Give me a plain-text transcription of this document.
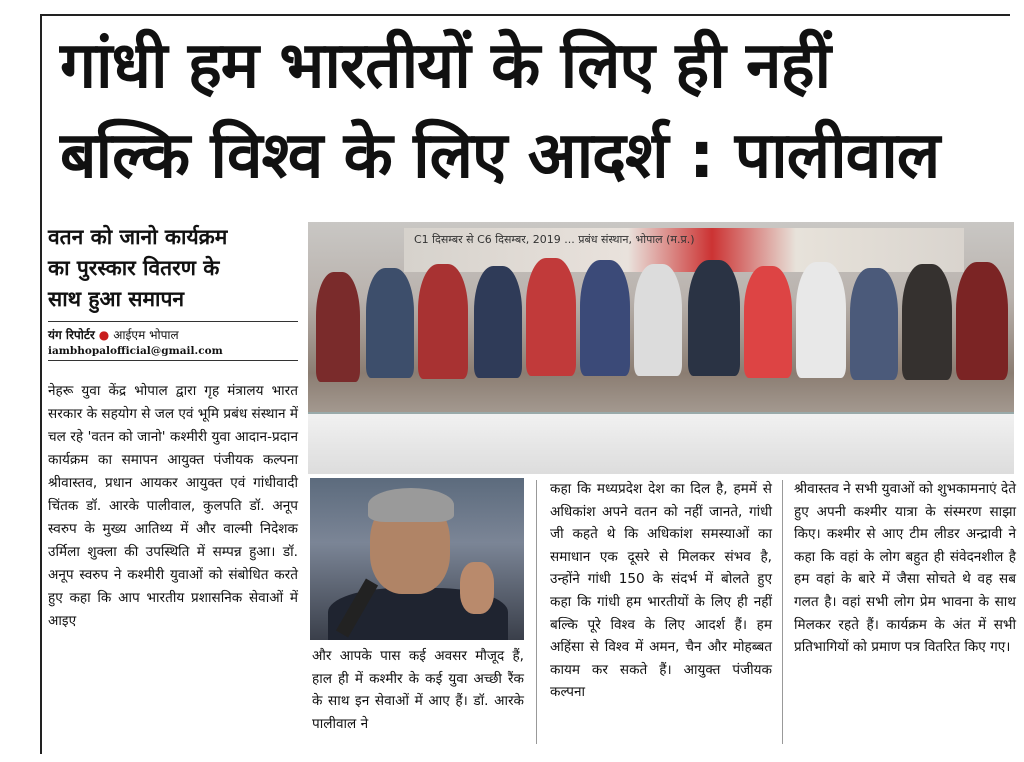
गांधी हम भारतीयों के लिए ही नहीं
बल्कि विश्व के लिए आदर्श : पालीवाल
वतन को जानो कार्यक्रम
का पुरस्कार वितरण के
साथ हुआ समापन
यंग रिपोर्टर ● आईएम भोपाल
iambhopalofficial@gmail.com
नेहरू युवा केंद्र भोपाल द्वारा गृह मंत्रालय भारत सरकार के सहयोग से जल एवं भूमि प्रबंध संस्थान में चल रहे 'वतन को जानो' कश्मीरी युवा आदान-प्रदान कार्यक्रम का समापन आयुक्त पंजीयक कल्पना श्रीवास्तव, प्रधान आयकर आयुक्त एवं गांधीवादी चिंतक डॉ. आरके पालीवाल, कुलपति डॉ. अनूप स्वरुप के मुख्य आतिथ्य में और वाल्मी निदेशक उर्मिला शुक्ला की उपस्थिति में सम्पन्न हुआ। डॉ. अनूप स्वरुप ने कश्मीरी युवाओं को संबोधित करते हुए कहा कि आप भारतीय प्रशासनिक सेवाओं में आइए
C1 दिसम्बर से C6 दिसम्बर, 2019 ... प्रबंध संस्थान, भोपाल (म.प्र.)
और आपके पास कई अवसर मौजूद हैं, हाल ही में कश्मीर के कई युवा अच्छी रैंक के साथ इन सेवाओं में आए हैं। डॉ. आरके पालीवाल ने
कहा कि मध्यप्रदेश देश का दिल है, हममें से अधिकांश अपने वतन को नहीं जानते, गांधी जी कहते थे कि अधिकांश समस्याओं का समाधान एक दूसरे से मिलकर संभव है, उन्होंने गांधी 150 के संदर्भ में बोलते हुए कहा कि गांधी हम भारतीयों के लिए ही नहीं बल्कि पूरे विश्व के लिए आदर्श हैं। हम अहिंसा से विश्व में अमन, चैन और मोहब्बत कायम कर सकते हैं। आयुक्त पंजीयक कल्पना
श्रीवास्तव ने सभी युवाओं को शुभकामनाएं देते हुए अपनी कश्मीर यात्रा के संस्मरण साझा किए। कश्मीर से आए टीम लीडर अन्द्रावी ने कहा कि वहां के लोग बहुत ही संवेदनशील है हम वहां के बारे में जैसा सोचते थे वह सब गलत है। वहां सभी लोग प्रेम भावना के साथ मिलकर रहते हैं। कार्यक्रम के अंत में सभी प्रतिभागियों को प्रमाण पत्र वितरित किए गए।
